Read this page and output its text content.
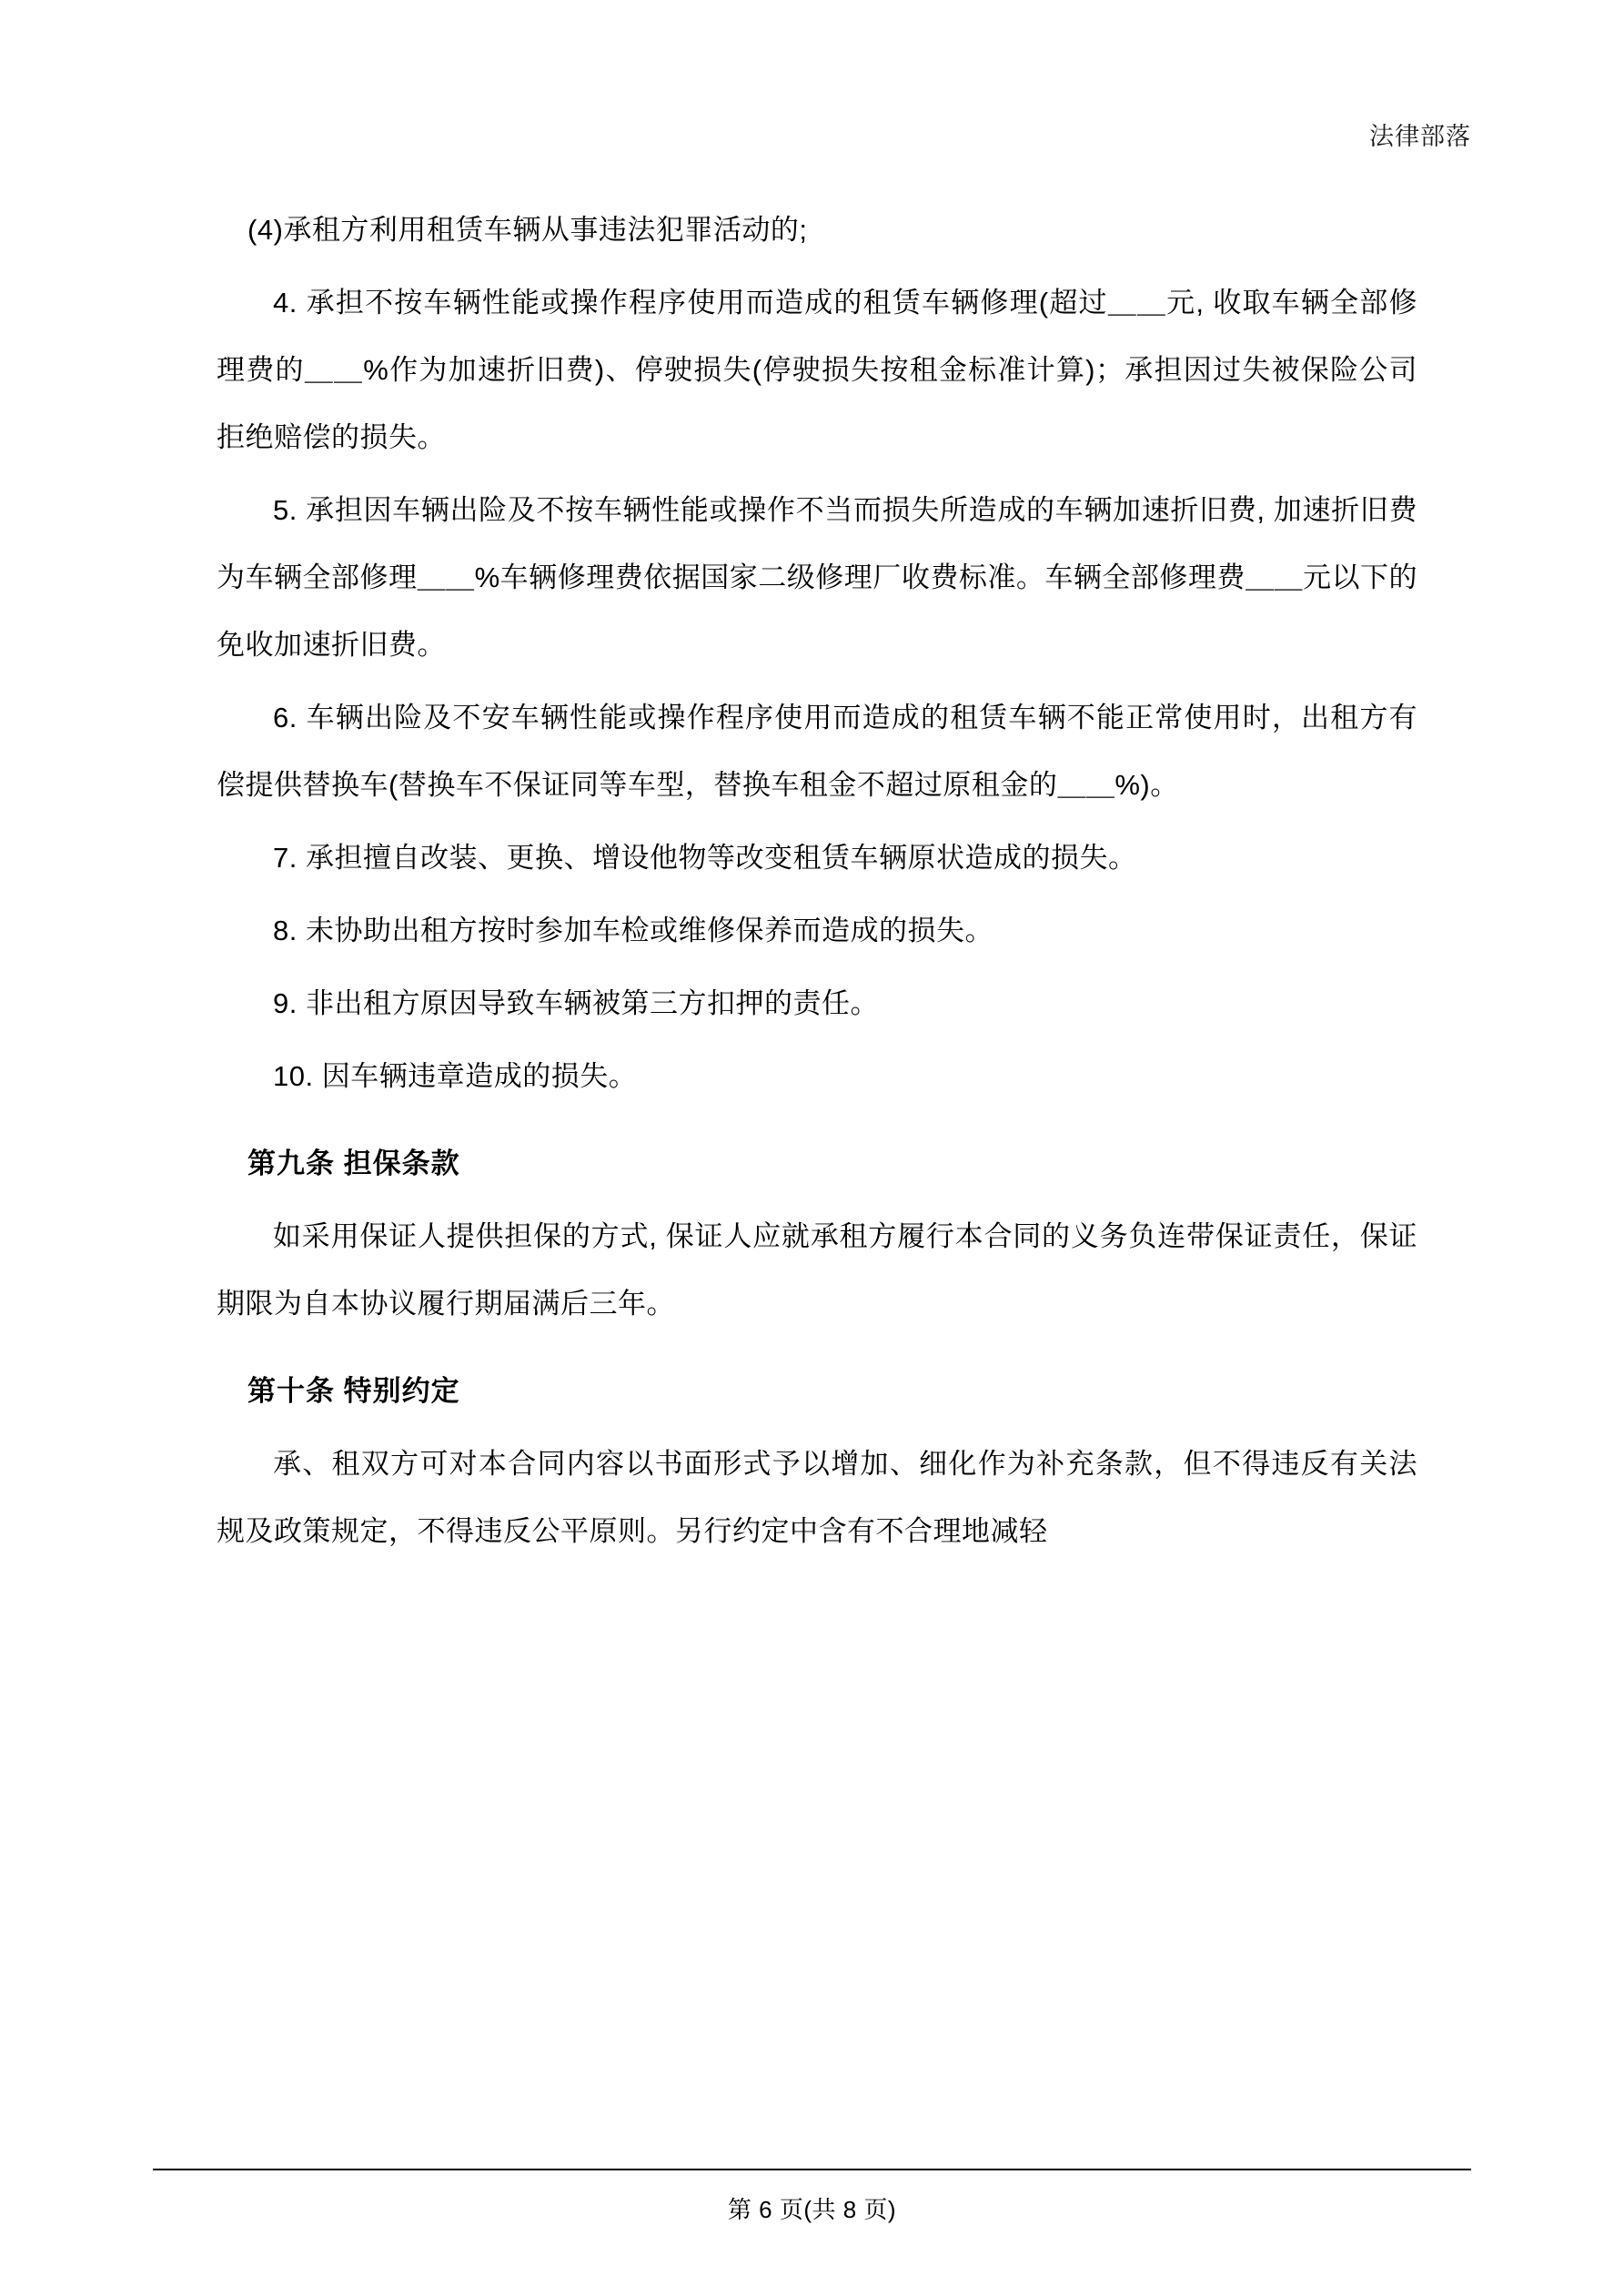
法律部落

(4)承租方利用租赁车辆从事违法犯罪活动的;

4. 承担不按车辆性能或操作程序使用而造成的租赁车辆修理(超过＿＿元, 收取车辆全部修理费的＿＿%作为加速折旧费)、停驶损失(停驶损失按租金标准计算)；承担因过失被保险公司拒绝赔偿的损失。

5. 承担因车辆出险及不按车辆性能或操作不当而损失所造成的车辆加速折旧费, 加速折旧费为车辆全部修理＿＿%车辆修理费依据国家二级修理厂收费标准。车辆全部修理费＿＿元以下的免收加速折旧费。

6. 车辆出险及不安车辆性能或操作程序使用而造成的租赁车辆不能正常使用时，出租方有偿提供替换车(替换车不保证同等车型，替换车租金不超过原租金的＿＿%)。

7. 承担擅自改装、更换、增设他物等改变租赁车辆原状造成的损失。

8. 未协助出租方按时参加车检或维修保养而造成的损失。

9. 非出租方原因导致车辆被第三方扣押的责任。

10. 因车辆违章造成的损失。

第九条 担保条款

如采用保证人提供担保的方式, 保证人应就承租方履行本合同的义务负连带保证责任，保证期限为自本协议履行期届满后三年。

第十条 特别约定

承、租双方可对本合同内容以书面形式予以增加、细化作为补充条款，但不得违反有关法规及政策规定，不得违反公平原则。另行约定中含有不合理地减轻

第 6 页(共 8 页)
